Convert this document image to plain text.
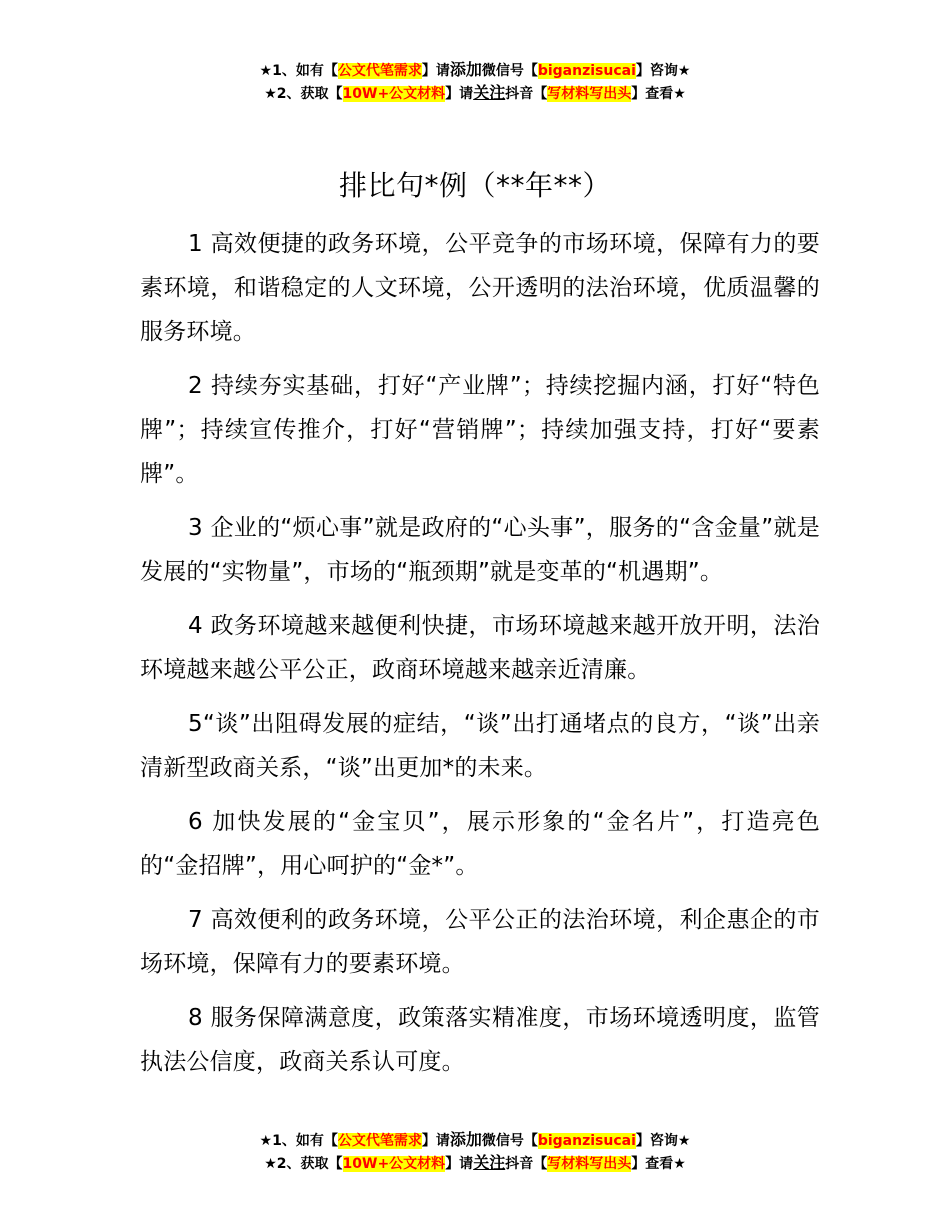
★1、如有【公文代笔需求】请添加微信号【biganzisucai】咨询★
★2、获取【10W+公文材料】请关注抖音【写材料写出头】查看★
排比句*例（**年**）

1 高效便捷的政务环境，公平竞争的市场环境，保障有力的要素环境，和谐稳定的人文环境，公开透明的法治环境，优质温馨的服务环境。

2 持续夯实基础，打好“产业牌”；持续挖掘内涵，打好“特色牌”；持续宣传推介，打好“营销牌”；持续加强支持，打好“要素牌”。

3 企业的“烦心事”就是政府的“心头事”，服务的“含金量”就是发展的“实物量”，市场的“瓶颈期”就是变革的“机遇期”。

4 政务环境越来越便利快捷，市场环境越来越开放开明，法治环境越来越公平公正，政商环境越来越亲近清廉。

5“谈”出阻碍发展的症结，“谈”出打通堵点的良方，“谈”出亲清新型政商关系，“谈”出更加*的未来。

6 加快发展的“金宝贝”，展示形象的“金名片”，打造亮色的“金招牌”，用心呵护的“金*”。

7 高效便利的政务环境，公平公正的法治环境，利企惠企的市场环境，保障有力的要素环境。

8 服务保障满意度，政策落实精准度，市场环境透明度，监管执法公信度，政商关系认可度。

★1、如有【公文代笔需求】请添加微信号【biganzisucai】咨询★
★2、获取【10W+公文材料】请关注抖音【写材料写出头】查看★
